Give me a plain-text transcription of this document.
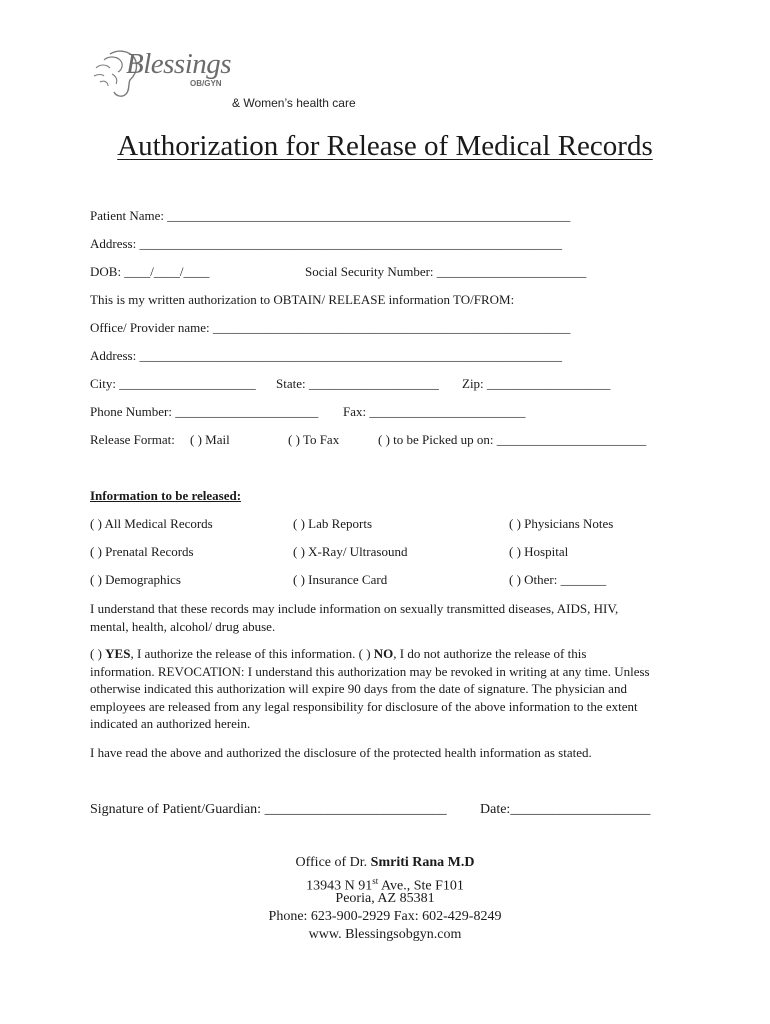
Blessings
OB/GYN
& Women’s health care
Authorization for Release of Medical Records
Patient Name: ______________________________________________________________
Address: _________________________________________________________________
DOB: ____/____/____	Social Security Number: _______________________
This is my written authorization to OBTAIN/ RELEASE information TO/FROM:
Office/ Provider name: _______________________________________________________
Address: _________________________________________________________________
City: _____________________ State: ____________________ Zip: ___________________
Phone Number: ______________________ Fax: ________________________
Release Format: ( ) Mail	( ) To Fax	( ) to be Picked up on: _______________________
Information to be released:
( ) All Medical Records	( ) Lab Reports	( ) Physicians Notes
( ) Prenatal Records	( ) X-Ray/ Ultrasound	( ) Hospital
( ) Demographics	( ) Insurance Card	( ) Other: _______
I understand that these records may include information on sexually transmitted diseases, AIDS, HIV, mental, health, alcohol/ drug abuse.
( ) YES, I authorize the release of this information. ( ) NO, I do not authorize the release of this information. REVOCATION: I understand this authorization may be revoked in writing at any time. Unless otherwise indicated this authorization will expire 90 days from the date of signature. The physician and employees are released from any legal responsibility for disclosure of the above information to the extent indicated an authorized herein.
I have read the above and authorized the disclosure of the protected health information as stated.
Signature of Patient/Guardian: __________________________ Date:____________________
Office of Dr. Smriti Rana M.D
13943 N 91st Ave., Ste F101
Peoria, AZ 85381
Phone: 623-900-2929 Fax: 602-429-8249
www. Blessingsobgyn.com
